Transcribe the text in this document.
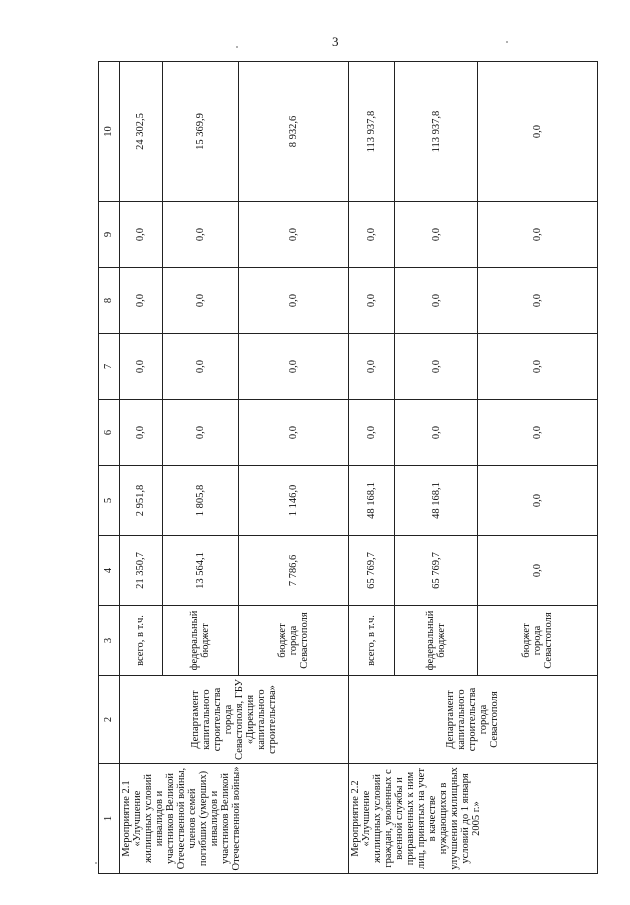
3
1	2	3	4	5	6	7	8	9	10
Мероприятие 2.1 «Улучшение жилищных условий инвалидов и участников Великой Отечественной войны, членов семей погибших (умерших) инвалидов и участников Великой Отечественной войны»	Департамент капитального строительства города Севастополя, ГБУ «Дирекция капитального строительства»	всего, в т.ч.	21 350,7	2 951,8	0,0	0,0	0,0	0,0	24 302,5
		федеральный бюджет	13 564,1	1 805,8	0,0	0,0	0,0	0,0	15 369,9
		бюджет города Севастополя	7 786,6	1 146,0	0,0	0,0	0,0	0,0	8 932,6
Мероприятие 2.2 «Улучшение жилищных условий граждан, уволенных с военной службы и приравненных к ним лиц, принятых на учет в качестве нуждающихся в улучшении жилищных условий до 1 января 2005 г.»	Департамент капитального строительства города Севастополя	всего, в т.ч.	65 769,7	48 168,1	0,0	0,0	0,0	0,0	113 937,8
		федеральный бюджет	65 769,7	48 168,1	0,0	0,0	0,0	0,0	113 937,8
		бюджет города Севастополя	0,0	0,0	0,0	0,0	0,0	0,0	0,0
